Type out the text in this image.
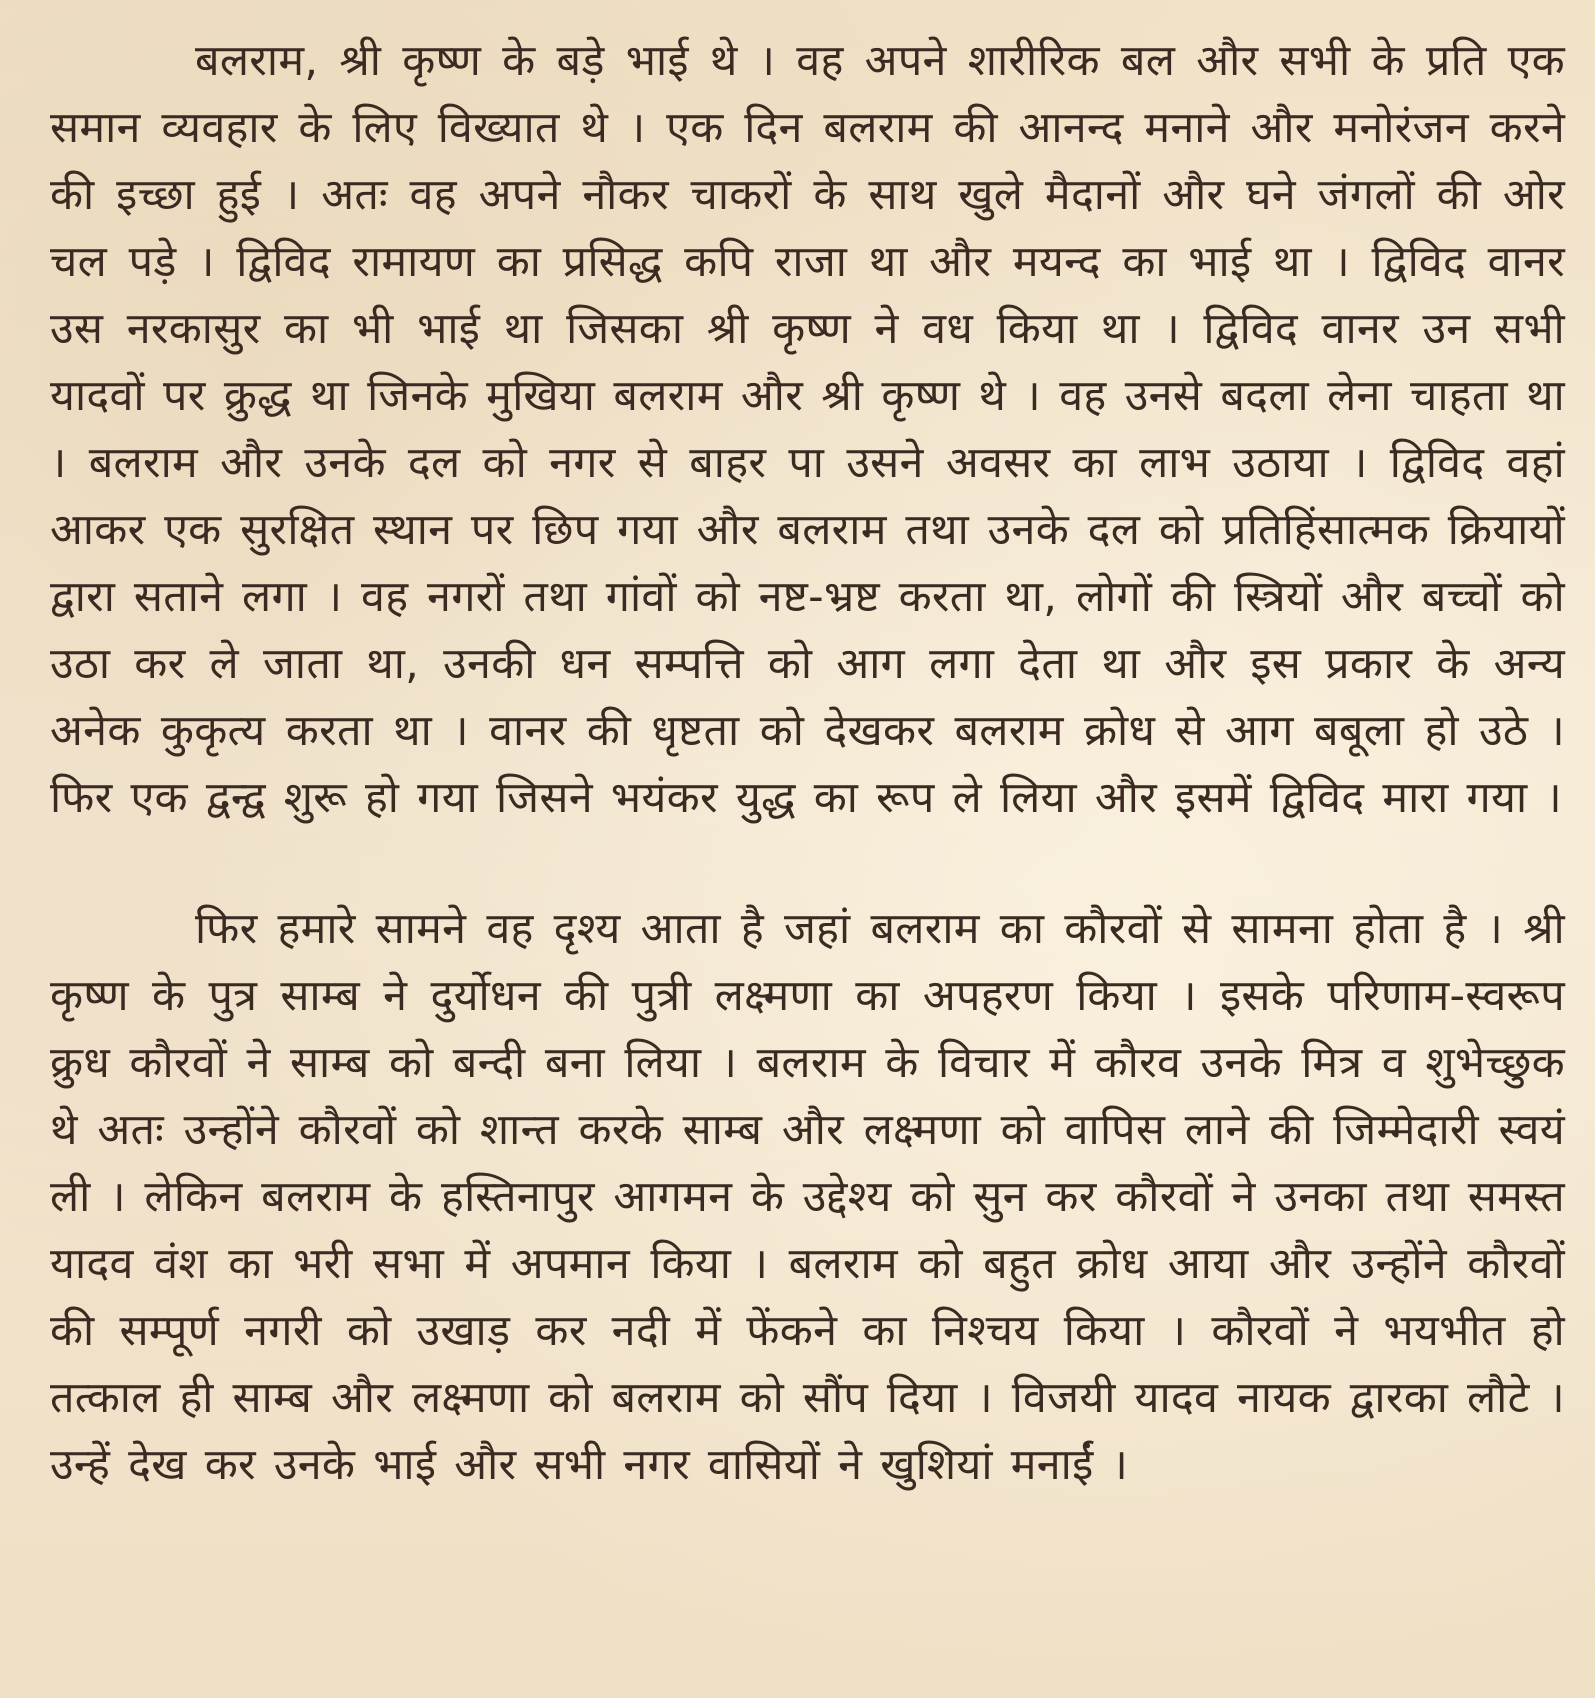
बलराम, श्री कृष्ण के बड़े भाई थे । वह अपने शारीरिक बल और सभी के प्रति एक समान व्यवहार के लिए विख्यात थे । एक दिन बलराम की आनन्द मनाने और मनोरंजन करने की इच्छा हुई । अतः वह अपने नौकर चाकरों के साथ खुले मैदानों और घने जंगलों की ओर चल पड़े । द्विविद रामायण का प्रसिद्ध कपि राजा था और मयन्द का भाई था । द्विविद वानर उस नरकासुर का भी भाई था जिसका श्री कृष्ण ने वध किया था । द्विविद वानर उन सभी यादवों पर क्रुद्ध था जिनके मुखिया बलराम और श्री कृष्ण थे । वह उनसे बदला लेना चाहता था । बलराम और उनके दल को नगर से बाहर पा उसने अवसर का लाभ उठाया । द्विविद वहां आकर एक सुरक्षित स्थान पर छिप गया और बलराम तथा उनके दल को प्रतिहिंसात्मक क्रियायों द्वारा सताने लगा । वह नगरों तथा गांवों को नष्ट-भ्रष्ट करता था, लोगों की स्त्रियों और बच्चों को उठा कर ले जाता था, उनकी धन सम्पत्ति को आग लगा देता था और इस प्रकार के अन्य अनेक कुकृत्य करता था । वानर की धृष्टता को देखकर बलराम क्रोध से आग बबूला हो उठे । फिर एक द्वन्द्व शुरू हो गया जिसने भयंकर युद्ध का रूप ले लिया और इसमें द्विविद मारा गया ।

फिर हमारे सामने वह दृश्य आता है जहां बलराम का कौरवों से सामना होता है । श्री कृष्ण के पुत्र साम्ब ने दुर्योधन की पुत्री लक्ष्मणा का अपहरण किया । इसके परिणाम-स्वरूप क्रुध कौरवों ने साम्ब को बन्दी बना लिया । बलराम के विचार में कौरव उनके मित्र व शुभेच्छुक थे अतः उन्होंने कौरवों को शान्त करके साम्ब और लक्ष्मणा को वापिस लाने की जिम्मेदारी स्वयं ली । लेकिन बलराम के हस्तिनापुर आगमन के उद्देश्य को सुन कर कौरवों ने उनका तथा समस्त यादव वंश का भरी सभा में अपमान किया । बलराम को बहुत क्रोध आया और उन्होंने कौरवों की सम्पूर्ण नगरी को उखाड़ कर नदी में फेंकने का निश्चय किया । कौरवों ने भयभीत हो तत्काल ही साम्ब और लक्ष्मणा को बलराम को सौंप दिया । विजयी यादव नायक द्वारका लौटे । उन्हें देख कर उनके भाई और सभी नगर वासियों ने खुशियां मनाईं ।
